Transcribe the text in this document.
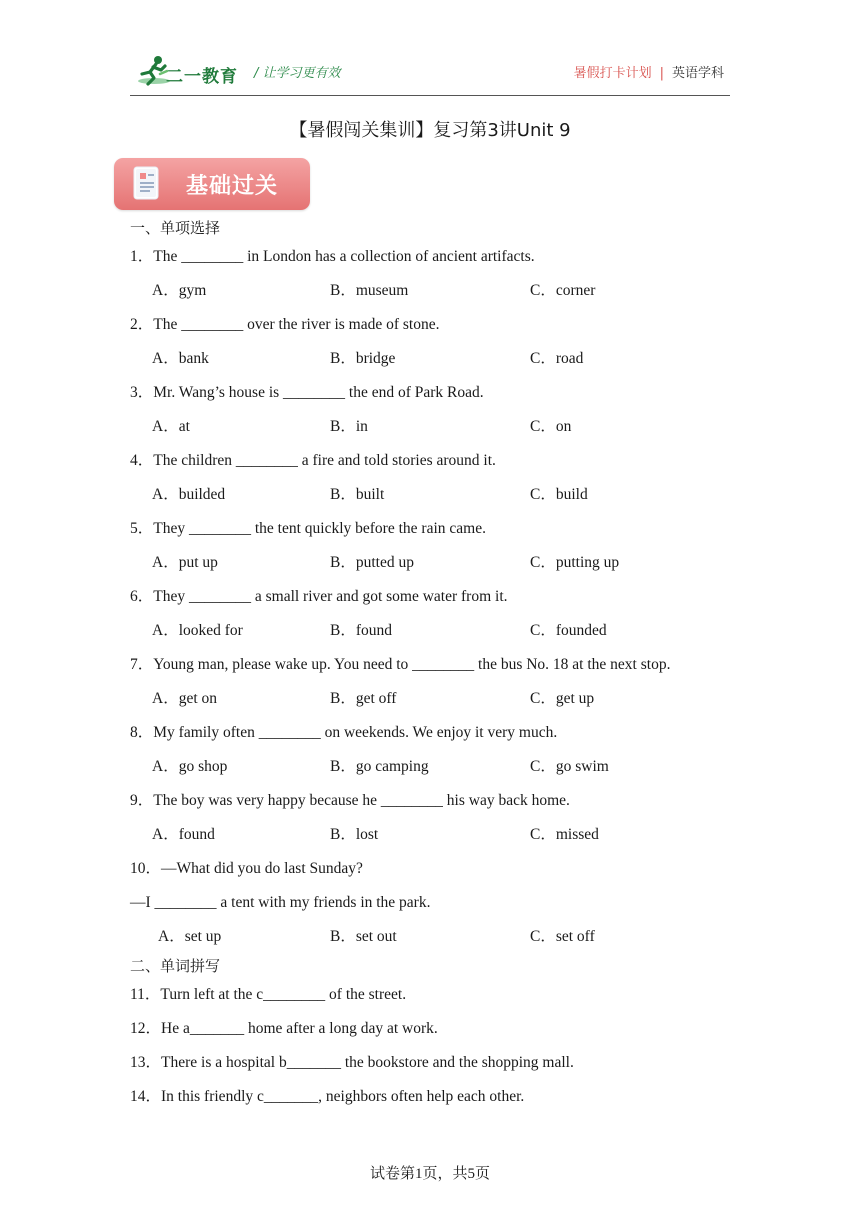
二一教育 / 让学习更有效	暑假打卡计划 | 英语学科
【暑假闯关集训】复习第3讲Unit 9
基础过关
一、单项选择
1．The ________ in London has a collection of ancient artifacts.
A．gym	B．museum	C．corner
2．The ________ over the river is made of stone.
A．bank	B．bridge	C．road
3．Mr. Wang’s house is ________ the end of Park Road.
A．at	B．in	C．on
4．The children ________ a fire and told stories around it.
A．builded	B．built	C．build
5．They ________ the tent quickly before the rain came.
A．put up	B．putted up	C．putting up
6．They ________ a small river and got some water from it.
A．looked for	B．found	C．founded
7．Young man, please wake up. You need to ________ the bus No. 18 at the next stop.
A．get on	B．get off	C．get up
8．My family often ________ on weekends. We enjoy it very much.
A．go shop	B．go camping	C．go swim
9．The boy was very happy because he ________ his way back home.
A．found	B．lost	C．missed
10．—What did you do last Sunday?
—I ________ a tent with my friends in the park.
A．set up	B．set out	C．set off
二、单词拼写
11．Turn left at the c________ of the street.
12．He a_______ home after a long day at work.
13．There is a hospital b_______ the bookstore and the shopping mall.
14．In this friendly c_______, neighbors often help each other.
试卷第1页，共5页
